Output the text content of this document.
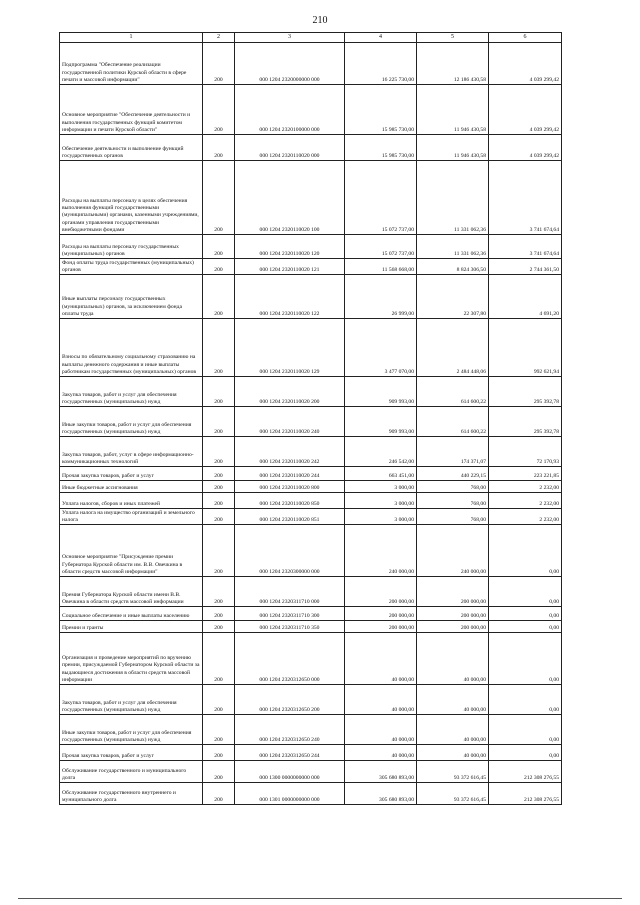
210
1	2	3	4	5	6
Подпрограмма "Обеспечение реализации государственной политики Курской области в сфере печати и массовой информации"	200	000 1204 2320000000 000	16 225 730,00	12 186 430,58	4 039 299,42
Основное мероприятие "Обеспечение деятельности и выполнения государственных функций комитетом информации и печати Курской области"	200	000 1204 2320100000 000	15 985 730,00	11 946 430,58	4 039 299,42
Обеспечение деятельности и выполнение функций государственных органов	200	000 1204 2320110020 000	15 985 730,00	11 946 430,58	4 039 299,42
Расходы на выплаты персоналу в целях обеспечения выполнения функций государственными (муниципальными) органами, казенными учреждениями, органами управления государственными внебюджетными фондами	200	000 1204 2320110020 100	15 072 737,00	11 331 062,36	3 741 674,64
Расходы на выплаты персоналу государственных (муниципальных) органов	200	000 1204 2320110020 120	15 072 737,00	11 331 062,36	3 741 674,64
Фонд оплаты труда государственных (муниципальных) органов	200	000 1204 2320110020 121	11 568 668,00	8 824 306,50	2 744 361,50
Иные выплаты персоналу государственных (муниципальных) органов, за исключением фонда оплаты труда	200	000 1204 2320110020 122	26 999,00	22 307,80	4 691,20
Взносы по обязательному социальному страхованию на выплаты денежного содержания и иные выплаты работникам государственных (муниципальных) органов	200	000 1204 2320110020 129	3 477 070,00	2 484 448,06	992 621,94
Закупка товаров, работ и услуг для обеспечения государственных (муниципальных) нужд	200	000 1204 2320110020 200	909 993,00	614 600,22	295 392,78
Иные закупки товаров, работ и услуг для обеспечения государственных (муниципальных) нужд	200	000 1204 2320110020 240	909 993,00	614 600,22	295 392,78
Закупка товаров, работ, услуг в сфере информационно-коммуникационных технологий	200	000 1204 2320110020 242	246 542,00	174 371,07	72 170,93
Прочая закупка товаров, работ и услуг	200	000 1204 2320110020 244	663 451,00	440 229,15	223 221,85
Иные бюджетные ассигнования	200	000 1204 2320110020 800	3 000,00	768,00	2 232,00
Уплата налогов, сборов и иных платежей	200	000 1204 2320110020 850	3 000,00	768,00	2 232,00
Уплата налога на имущество организаций и земельного налога	200	000 1204 2320110020 851	3 000,00	768,00	2 232,00
Основное мероприятие "Присуждение премии Губернатора Курской области им. В.В. Овечкина в области средств массовой информации"	200	000 1204 2320300000 000	240 000,00	240 000,00	0,00
Премия Губернатора Курской области имени В.В. Овечкина в области средств массовой информации	200	000 1204 2320311710 000	200 000,00	200 000,00	0,00
Социальное обеспечение и иные выплаты населению	200	000 1204 2320311710 300	200 000,00	200 000,00	0,00
Премии и гранты	200	000 1204 2320311710 350	200 000,00	200 000,00	0,00
Организация и проведение мероприятий по вручению премии, присуждаемой Губернатором Курской области за выдающиеся достижения в области средств массовой информации	200	000 1204 2320312650 000	40 000,00	40 000,00	0,00
Закупка товаров, работ и услуг для обеспечения государственных (муниципальных) нужд	200	000 1204 2320312650 200	40 000,00	40 000,00	0,00
Иные закупки товаров, работ и услуг для обеспечения государственных (муниципальных) нужд	200	000 1204 2320312650 240	40 000,00	40 000,00	0,00
Прочая закупка товаров, работ и услуг	200	000 1204 2320312650 244	40 000,00	40 000,00	0,00
Обслуживание государственного и муниципального долга	200	000 1300 0000000000 000	305 680 893,00	93 372 616,45	212 308 276,55
Обслуживание государственного внутреннего и муниципального долга	200	000 1301 0000000000 000	305 680 893,00	93 372 616,45	212 308 276,55
